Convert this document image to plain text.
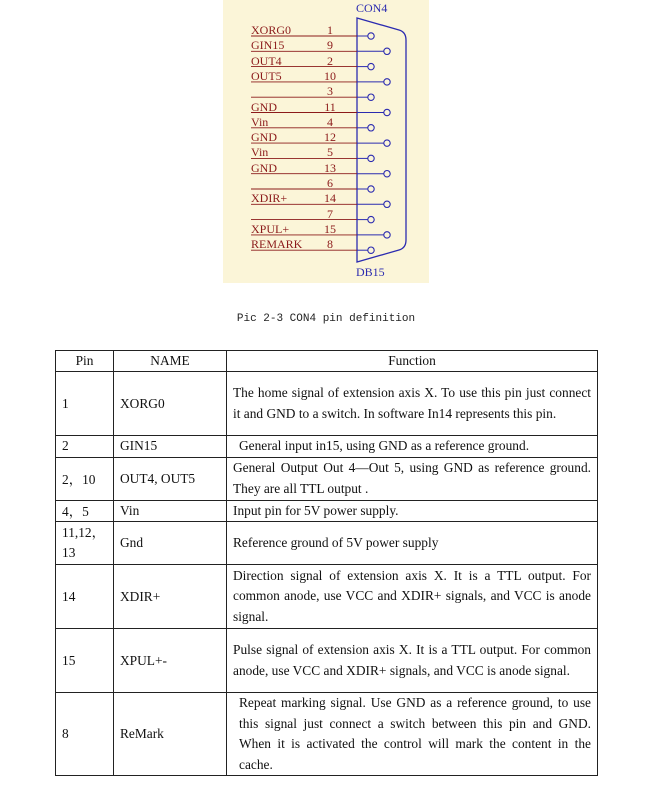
CON4
DB15
XORG0	1
GIN15	9
OUT4	2
OUT5	10
3
GND	11
Vin	4
GND	12
Vin	5
GND	13
6
XDIR+	14
7
XPUL+	15
REMARK	8
Pic 2-3 CON4 pin definition
Pin	NAME	Function
1	XORG0	The home signal of extension axis X. To use this pin just connect it and GND to a switch. In software In14 represents this pin.
2	GIN15	General input in15, using GND as a reference ground.
2，10	OUT4, OUT5	General Output Out 4—Out 5, using GND as reference ground. They are all TTL output .
4，5	Vin	Input pin for 5V power supply.
11,12，13	Gnd	Reference ground of 5V power supply
14	XDIR+	Direction signal of extension axis X. It is a TTL output. For common anode, use VCC and XDIR+ signals, and VCC is anode signal.
15	XPUL+-	Pulse signal of extension axis X. It is a TTL output. For common anode, use VCC and XDIR+ signals, and VCC is anode signal.
8	ReMark	Repeat marking signal. Use GND as a reference ground, to use this signal just connect a switch between this pin and GND. When it is activated the control will mark the content in the cache.
